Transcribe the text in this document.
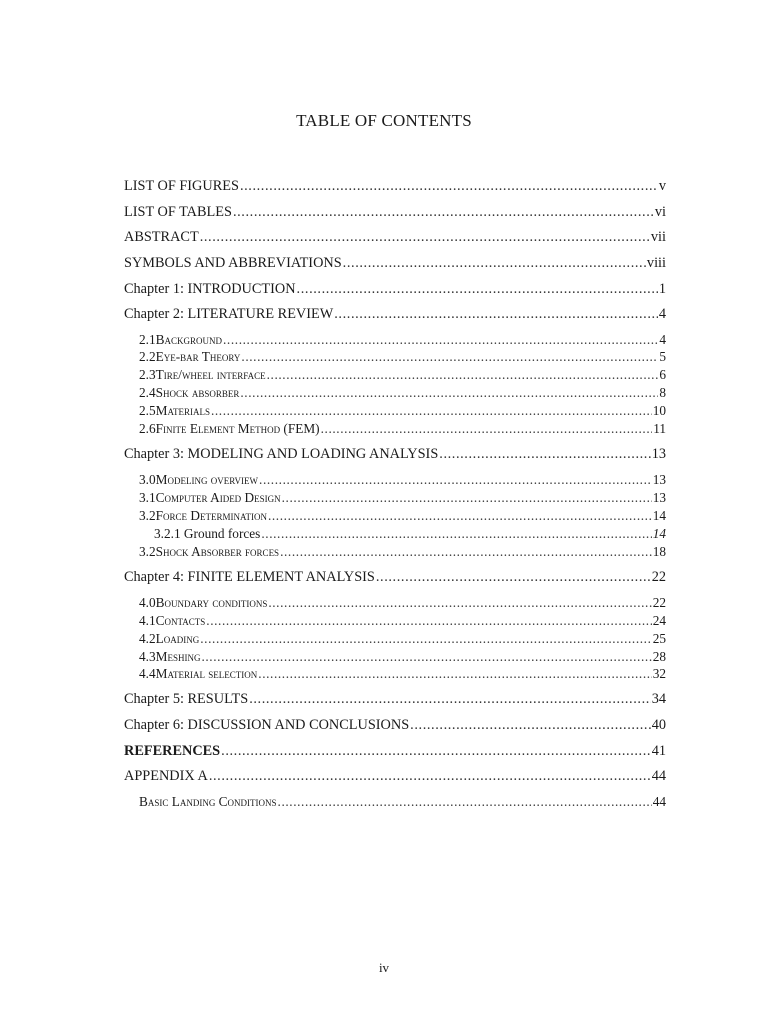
TABLE OF CONTENTS
LIST OF FIGURES .....	v
LIST OF TABLES .....	vi
ABSTRACT .....	vii
SYMBOLS AND ABBREVIATIONS .....	viii
Chapter 1: INTRODUCTION .....	1
Chapter 2: LITERATURE REVIEW .....	4
2.1 Background .....	4
2.2 Eye-bar Theory .....	5
2.3 Tire/wheel interface .....	6
2.4 Shock absorber .....	8
2.5 Materials .....	10
2.6 Finite Element Method (FEM) .....	11
Chapter 3: MODELING AND LOADING ANALYSIS .....	13
3.0 Modeling overview .....	13
3.1 Computer Aided Design .....	13
3.2 Force Determination .....	14
3.2.1 Ground forces .....	14
3.2 Shock Absorber forces .....	18
Chapter 4: FINITE ELEMENT ANALYSIS .....	22
4.0 Boundary conditions .....	22
4.1 Contacts .....	24
4.2 Loading .....	25
4.3 Meshing .....	28
4.4 Material selection .....	32
Chapter 5: RESULTS .....	34
Chapter 6: DISCUSSION AND CONCLUSIONS .....	40
REFERENCES .....	41
APPENDIX A .....	44
Basic Landing Conditions .....	44
iv
